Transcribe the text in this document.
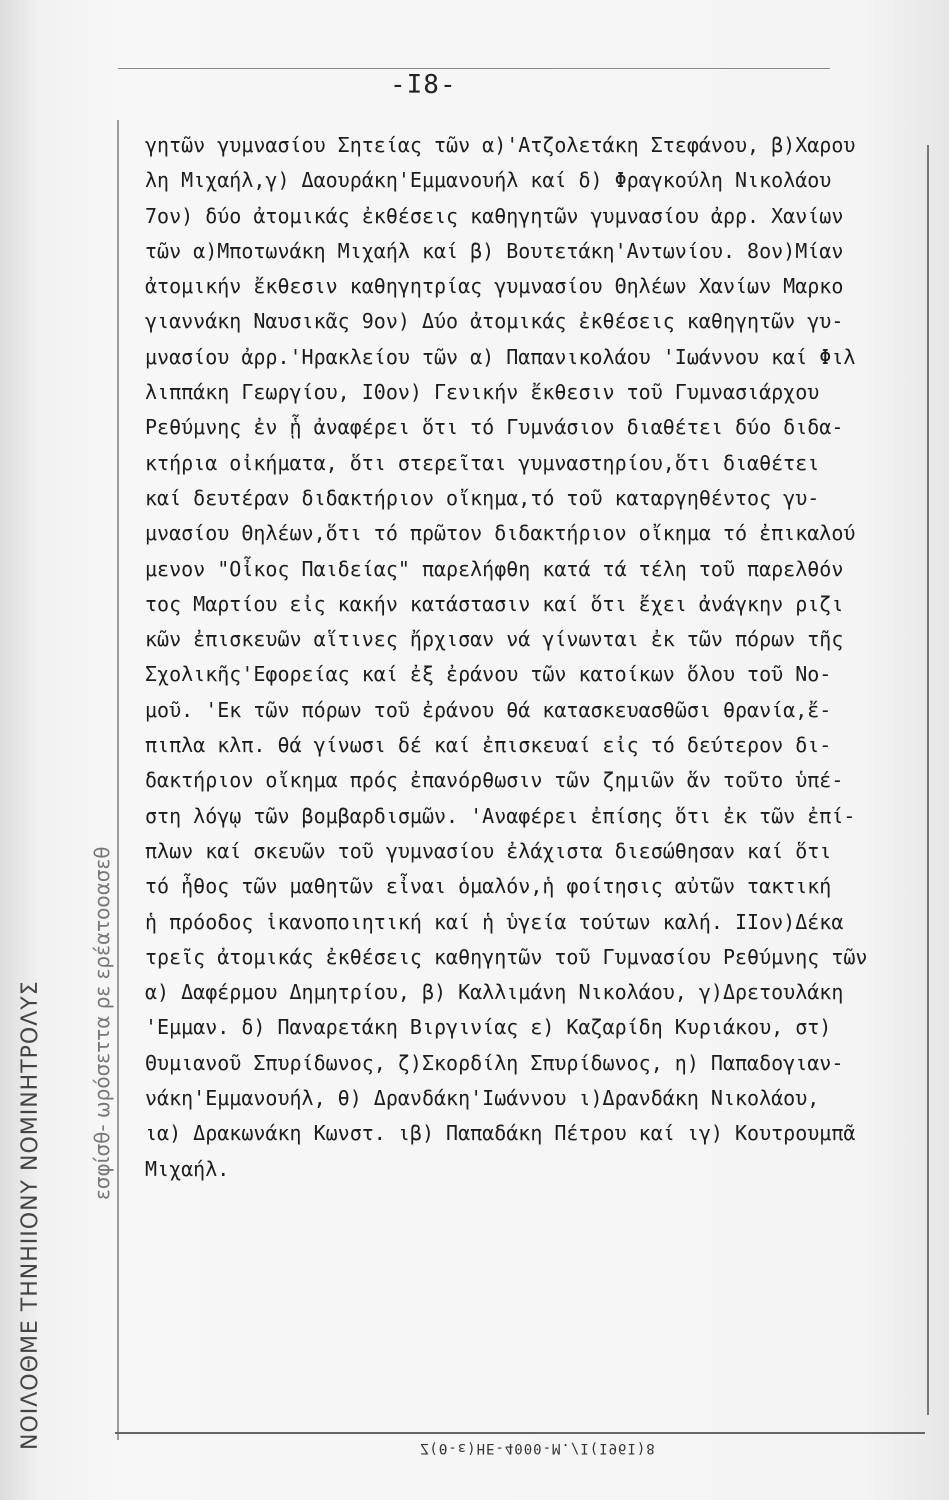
ΝΟΙΛΟΘΜΕ ΤΗΝΗΙΙΟΝΥ ΝΟΜΙΝΗΤΡΟΛΥΣ εσφίσθ- ωρόσεττα ρε ερέατοοασεθ
-Ι8-
γητῶν γυμνασίου Σητείας τῶν α)'Ατζολετάκη Στεφάνου, β)Χαρου
λη Μιχαήλ,γ) Δαουράκη'Εμμανουήλ καί δ) Φραγκούλη Νικολάου
7ον) δύο ἀτομικάς ἐκθέσεις καθηγητῶν γυμνασίου ἀρρ. Χανίων
τῶν α)Μποτωνάκη Μιχαήλ καί β) Βουτετάκη'Αντωνίου. 8ον)Μίαν
ἀτομικήν ἔκθεσιν καθηγητρίας γυμνασίου Θηλέων Χανίων Μαρκο
γιαννάκη Ναυσικᾶς 9ον) Δύο ἀτομικάς ἐκθέσεις καθηγητῶν γυ-
μνασίου ἀρρ.'Ηρακλείου τῶν α) Παπανικολάου 'Ιωάννου καί Φιλ
λιππάκη Γεωργίου, Ι0ον) Γενικήν ἔκθεσιν τοῦ Γυμνασιάρχου
Ρεθύμνης ἐν ᾗ ἀναφέρει ὅτι τό Γυμνάσιον διαθέτει δύο διδα-
κτήρια οἰκήματα, ὅτι στερεῖται γυμναστηρίου,ὅτι διαθέτει
καί δευτέραν διδακτήριον οἴκημα,τό τοῦ καταργηθέντος γυ-
μνασίου Θηλέων,ὅτι τό πρῶτον διδακτήριον οἴκημα τό ἐπικαλού
μενον "Οἶκος Παιδείας" παρελήφθη κατά τά τέλη τοῦ παρελθόν
τος Μαρτίου εἰς κακήν κατάστασιν καί ὅτι ἔχει ἀνάγκην ριζι
κῶν ἐπισκευῶν αἵτινες ἤρχισαν νά γίνωνται ἐκ τῶν πόρων τῆς
Σχολικῆς'Εφορείας καί ἐξ ἐράνου τῶν κατοίκων ὅλου τοῦ Νο-
μοῦ. 'Εκ τῶν πόρων τοῦ ἐράνου θά κατασκευασθῶσι θρανία,ἔ-
πιπλα κλπ. θά γίνωσι δέ καί ἐπισκευαί εἰς τό δεύτερον δι-
δακτήριον οἴκημα πρός ἐπανόρθωσιν τῶν ζημιῶν ἅν τοῦτο ὑπέ-
στη λόγῳ τῶν βομβαρδισμῶν. 'Αναφέρει ἐπίσης ὅτι ἐκ τῶν ἐπί-
πλων καί σκευῶν τοῦ γυμνασίου ἐλάχιστα διεσώθησαν καί ὅτι
τό ἦθος τῶν μαθητῶν εἶναι ὁμαλόν,ἡ φοίτησις αὐτῶν τακτική
ἡ πρόοδος ἱκανοποιητική καί ἡ ὑγεία τούτων καλή. ΙΙον)Δέκα
τρεῖς ἀτομικάς ἐκθέσεις καθηγητῶν τοῦ Γυμνασίου Ρεθύμνης τῶν
α) Δαφέρμου Δημητρίου, β) Καλλιμάνη Νικολάου, γ)Δρετουλάκη
'Εμμαν. δ) Παναρετάκη Βιργινίας ε) Καζαρίδη Κυριάκου, στ)
Θυμιανοῦ Σπυρίδωνος, ζ)Σκορδίλη Σπυρίδωνος, η) Παπαδογιαν-
νάκη'Εμμανουήλ, θ) Δρανδάκη'Ιωάννου ι)Δρανδάκη Νικολάου,
ια) Δρακωνάκη Κωνστ. ιβ) Παπαδάκη Πέτρου καί ιγ) Κουτρουμπᾶ
Μιχαήλ.
Ζ(Θ-ε)ΗΕ-4000-Μ./Ι(Ι96Ι)8
